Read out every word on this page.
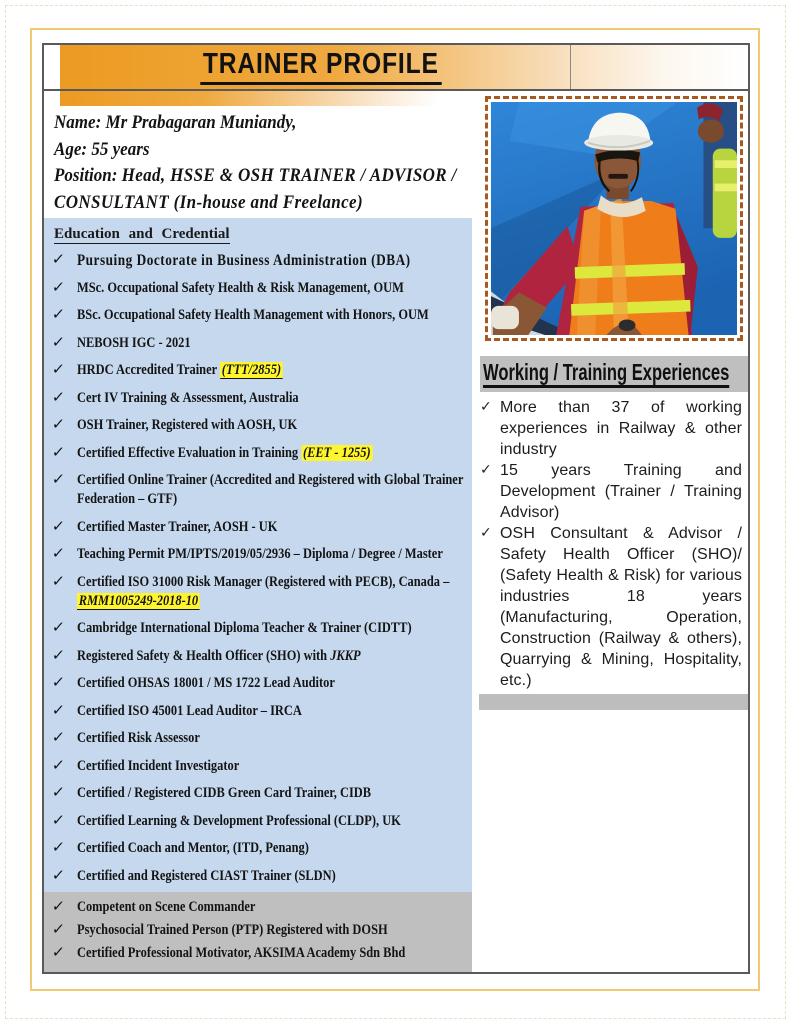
TRAINER PROFILE
Name: Mr Prabagaran Muniandy,
Age: 55 years
Position: Head, HSSE & OSH TRAINER / ADVISOR /
CONSULTANT (In-house and Freelance)
Education and Credential
✓ Pursuing Doctorate in Business Administration (DBA)
✓ MSc. Occupational Safety Health & Risk Management, OUM
✓ BSc. Occupational Safety Health Management with Honors, OUM
✓ NEBOSH IGC - 2021
✓ HRDC Accredited Trainer (TTT/2855)
✓ Cert IV Training & Assessment, Australia
✓ OSH Trainer, Registered with AOSH, UK
✓ Certified Effective Evaluation in Training (EET - 1255)
✓ Certified Online Trainer (Accredited and Registered with Global Trainer Federation – GTF)
✓ Certified Master Trainer, AOSH - UK
✓ Teaching Permit PM/IPTS/2019/05/2936 – Diploma / Degree / Master
✓ Certified ISO 31000 Risk Manager (Registered with PECB), Canada –
RMM1005249-2018-10
✓ Cambridge International Diploma Teacher & Trainer (CIDTT)
✓ Registered Safety & Health Officer (SHO) with JKKP
✓ Certified OHSAS 18001 / MS 1722 Lead Auditor
✓ Certified ISO 45001 Lead Auditor – IRCA
✓ Certified Risk Assessor
✓ Certified Incident Investigator
✓ Certified / Registered CIDB Green Card Trainer, CIDB
✓ Certified Learning & Development Professional (CLDP), UK
✓ Certified Coach and Mentor, (ITD, Penang)
✓ Certified and Registered CIAST Trainer (SLDN)
✓ Competent on Scene Commander
✓ Psychosocial Trained Person (PTP) Registered with DOSH
✓ Certified Professional Motivator, AKSIMA Academy Sdn Bhd
Working / Training Experiences
✓ More than 37 of working experiences in Railway & other industry
✓ 15 years Training and Development (Trainer / Training Advisor)
✓ OSH Consultant & Advisor / Safety Health Officer (SHO)/ (Safety Health & Risk) for various industries 18 years (Manufacturing, Operation, Construction (Railway & others), Quarrying & Mining, Hospitality, etc.)
